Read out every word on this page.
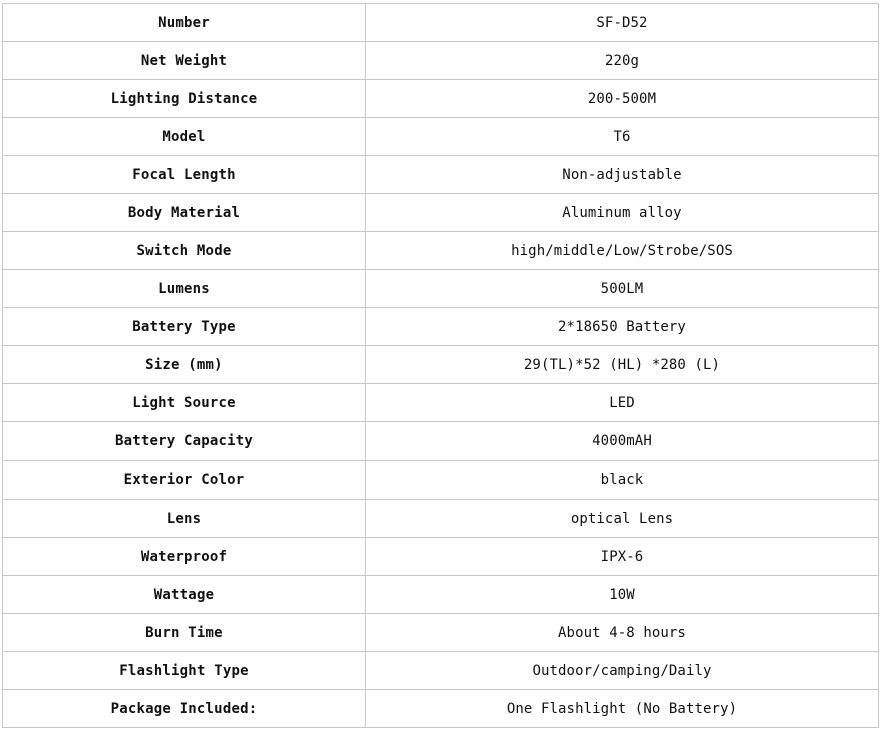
Number	SF-D52
Net Weight	220g
Lighting Distance	200-500M
Model	T6
Focal Length	Non-adjustable
Body Material	Aluminum alloy
Switch Mode	high/middle/Low/Strobe/SOS
Lumens	500LM
Battery Type	2*18650 Battery
Size (mm)	29(TL)*52 (HL) *280 (L)
Light Source	LED
Battery Capacity	4000mAH
Exterior Color	black
Lens	optical Lens
Waterproof	IPX-6
Wattage	10W
Burn Time	About 4-8 hours
Flashlight Type	Outdoor/camping/Daily
Package Included:	One Flashlight (No Battery)
